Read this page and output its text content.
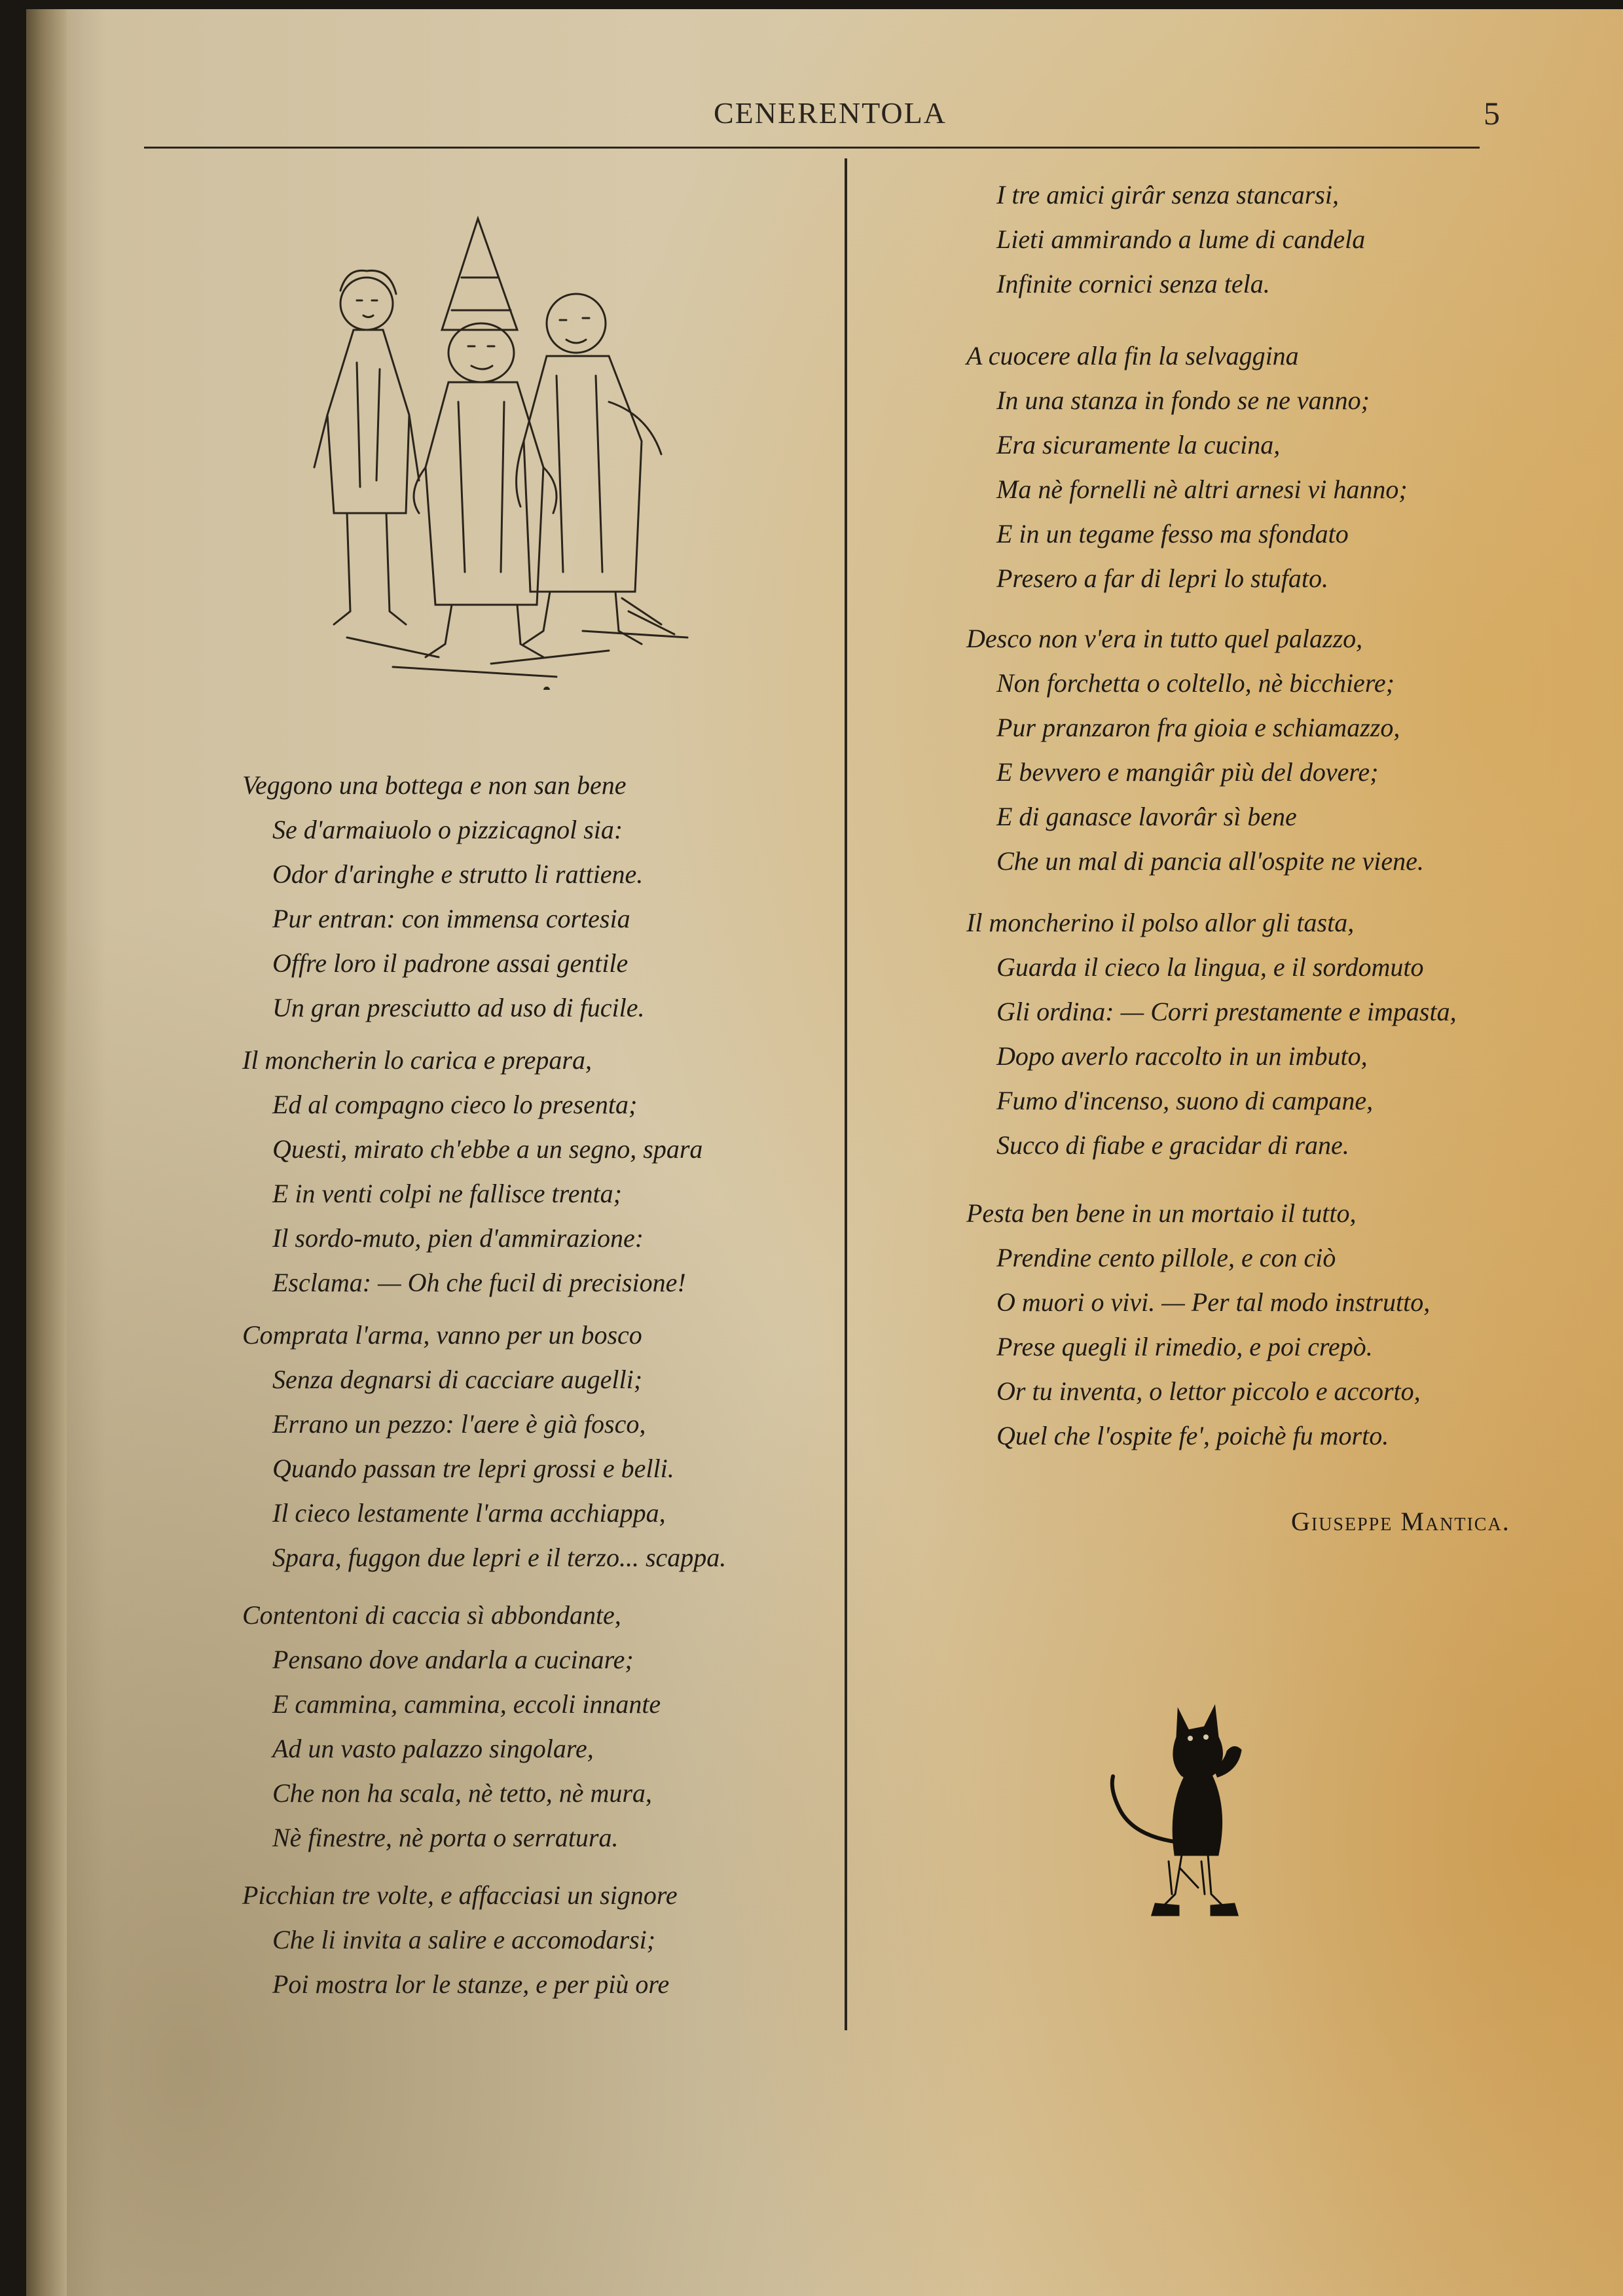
CENERENTOLA	5
Veggono una bottega e non san bene
Se d'armaiuolo o pizzicagnol sia:
Odor d'aringhe e strutto li rattiene.
Pur entran: con immensa cortesia
Offre loro il padrone assai gentile
Un gran presciutto ad uso di fucile.
Il moncherin lo carica e prepara,
Ed al compagno cieco lo presenta;
Questi, mirato ch'ebbe a un segno, spara
E in venti colpi ne fallisce trenta;
Il sordo-muto, pien d'ammirazione:
Esclama: — Oh che fucil di precisione!
Comprata l'arma, vanno per un bosco
Senza degnarsi di cacciare augelli;
Errano un pezzo: l'aere è già fosco,
Quando passan tre lepri grossi e belli.
Il cieco lestamente l'arma acchiappa,
Spara, fuggon due lepri e il terzo... scappa.
Contentoni di caccia sì abbondante,
Pensano dove andarla a cucinare;
E cammina, cammina, eccoli innante
Ad un vasto palazzo singolare,
Che non ha scala, nè tetto, nè mura,
Nè finestre, nè porta o serratura.
Picchian tre volte, e affacciasi un signore
Che li invita a salire e accomodarsi;
Poi mostra lor le stanze, e per più ore
I tre amici girâr senza stancarsi,
Lieti ammirando a lume di candela
Infinite cornici senza tela.
A cuocere alla fin la selvaggina
In una stanza in fondo se ne vanno;
Era sicuramente la cucina,
Ma nè fornelli nè altri arnesi vi hanno;
E in un tegame fesso ma sfondato
Presero a far di lepri lo stufato.
Desco non v'era in tutto quel palazzo,
Non forchetta o coltello, nè bicchiere;
Pur pranzaron fra gioia e schiamazzo,
E bevvero e mangiâr più del dovere;
E di ganasce lavorâr sì bene
Che un mal di pancia all'ospite ne viene.
Il moncherino il polso allor gli tasta,
Guarda il cieco la lingua, e il sordomuto
Gli ordina: — Corri prestamente e impasta,
Dopo averlo raccolto in un imbuto,
Fumo d'incenso, suono di campane,
Succo di fiabe e gracidar di rane.
Pesta ben bene in un mortaio il tutto,
Prendine cento pillole, e con ciò
O muori o vivi. — Per tal modo instrutto,
Prese quegli il rimedio, e poi crepò.
Or tu inventa, o lettor piccolo e accorto,
Quel che l'ospite fe', poichè fu morto.
Giuseppe Mantica.
